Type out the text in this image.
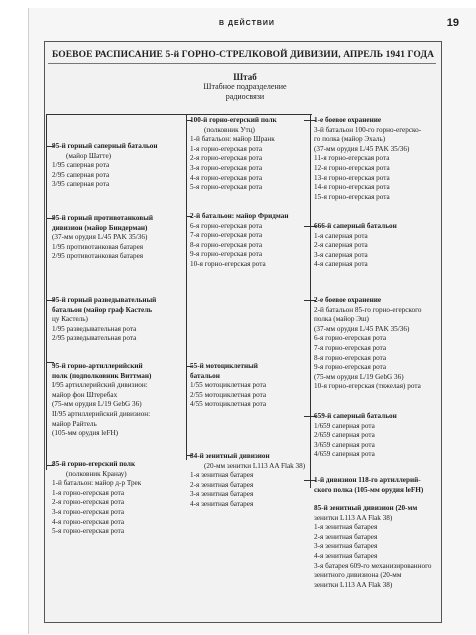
В ДЕЙСТВИИ	19
БОЕВОЕ РАСПИСАНИЕ 5-й ГОРНО-СТРЕЛКОВОЙ ДИВИЗИИ, АПРЕЛЬ 1941 ГОДА
Штаб
Штабное подразделение
радиосвязи
95-й горный саперный батальон
(майор Шатте)
1/95 саперная рота
2/95 саперная рота
3/95 саперная рота
95-й горный противотанковый
дивизион (майор Биндерман)
(37-мм орудия L/45 PAK 35/36)
1/95 противотанковая батарея
2/95 противотанковая батарея
95-й горный разведывательный
батальон (майор граф Кастель
цу Кастель)
1/95 разведывательная рота
2/95 разведывательная рота
95-й горно-артиллерийский
полк (подполковник Виттман)
I/95 артиллерийский дивизион:
майор фон Штеребах
(75-мм орудия L/19 GebG 36)
II/95 артиллерийский дивизион:
майор Райтель
(105-мм орудия leFH)
85-й горно-егерский полк
(полковник Кранау)
1-й батальон: майор д-р Трек
1-я горно-егерская рота
2-я горно-егерская рота
3-я горно-егерская рота
4-я горно-егерская рота
5-я горно-егерская рота
100-й горно-егерский полк
(полковник Утц)
1-й батальон: майор Шранк
1-я горно-егерская рота
2-я горно-егерская рота
3-я горно-егерская рота
4-я горно-егерская рота
5-я горно-егерская рота
2-й батальон: майор Фридман
6-я горно-егерская рота
7-я горно-егерская рота
8-я горно-егерская рота
9-я горно-егерская рота
10-я горно-егерская рота
55-й мотоциклетный
батальон
1/55 мотоциклетная рота
2/55 мотоциклетная рота
4/55 мотоциклетная рота
84-й зенитный дивизион
(20-мм зенитки L113 AA Flak 38)
1-я зенитная батарея
2-я зенитная батарея
3-я зенитная батарея
4-я зенитная батарея
1-е боевое охранение
3-й батальон 100-го горно-егерско-
го полка (майор Эхаль)
(37-мм орудия L/45 PAK 35/36)
11-я горно-егерская рота
12-я горно-егерская рота
13-я горно-егерская рота
14-я горно-егерская рота
15-я горно-егерская рота
666-й саперный батальон
1-я саперная рота
2-я саперная рота
3-я саперная рота
4-я саперная рота
2-е боевое охранение
2-й батальон 85-го горно-егерского
полка (майор Эш)
(37-мм орудия L/45 PAK 35/36)
6-я горно-егерская рота
7-я горно-егерская рота
8-я горно-егерская рота
9-я горно-егерская рота
(75-мм орудия L/19 GebG 36)
10-я горно-егерская (тяжелая) рота
659-й саперный батальон
1/659 саперная рота
2/659 саперная рота
3/659 саперная рота
4/659 саперная рота
1-й дивизион 118-го артиллерий-
ского полка (105-мм орудия leFH)
85-й зенитный дивизион (20-мм
зенитки L113 AA Flak 38)
1-я зенитная батарея
2-я зенитная батарея
3-я зенитная батарея
4-я зенитная батарея
3-я батарея 609-го механизированного
зенитного дивизиона (20-мм
зенитки L113 AA Flak 38)
